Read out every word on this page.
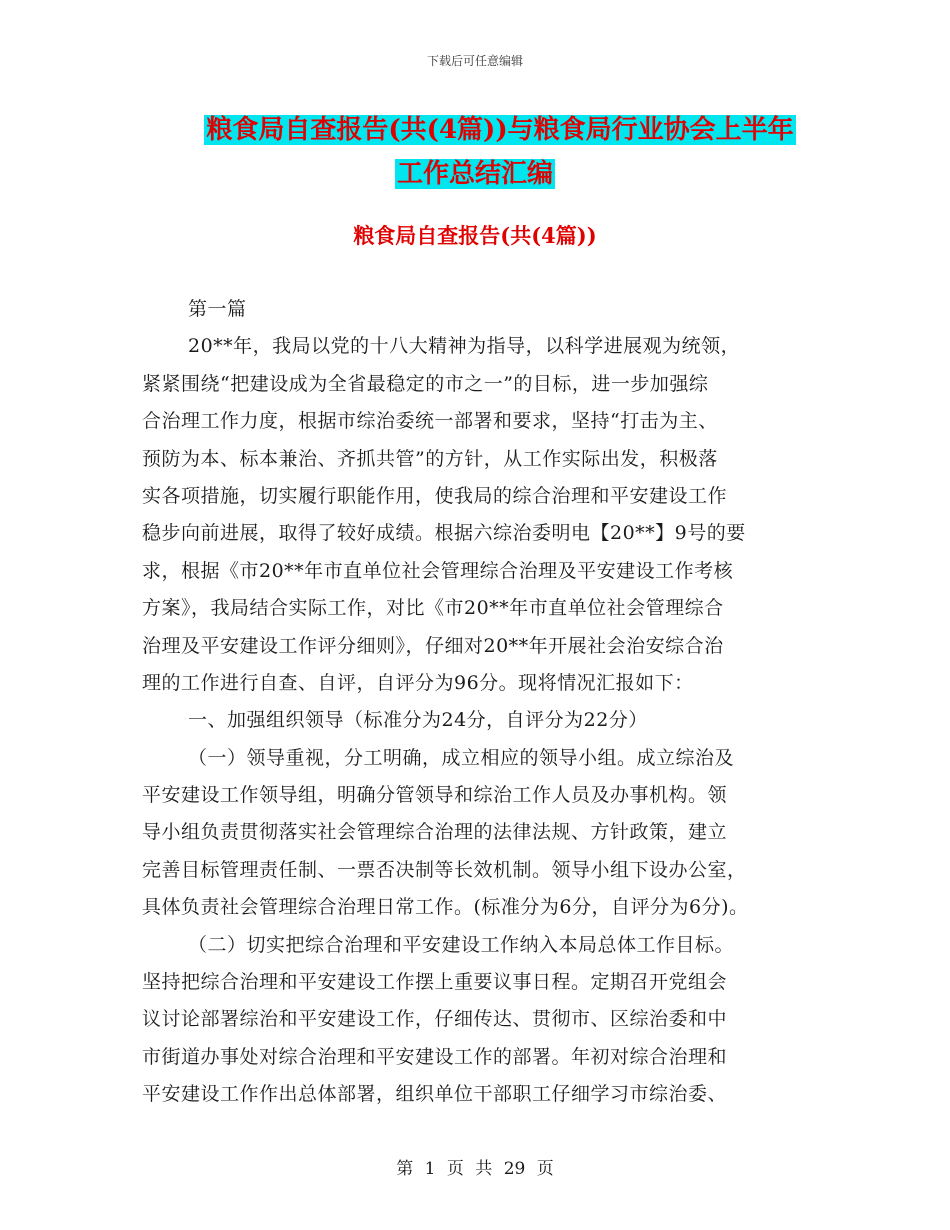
下载后可任意编辑
粮食局自查报告(共(4篇))与粮食局行业协会上半年
工作总结汇编
粮食局自查报告(共(4篇))
第一篇
20**年，我局以党的十八大精神为指导，以科学进展观为统领，
紧紧围绕“把建设成为全省最稳定的市之一”的目标，进一步加强综
合治理工作力度，根据市综治委统一部署和要求，坚持“打击为主、
预防为本、标本兼治、齐抓共管”的方针，从工作实际出发，积极落
实各项措施，切实履行职能作用，使我局的综合治理和平安建设工作
稳步向前进展，取得了较好成绩。根据六综治委明电【20**】9号的要
求，根据《市20**年市直单位社会管理综合治理及平安建设工作考核
方案》，我局结合实际工作，对比《市20**年市直单位社会管理综合
治理及平安建设工作评分细则》，仔细对20**年开展社会治安综合治
理的工作进行自查、自评，自评分为96分。现将情况汇报如下：
一、加强组织领导（标准分为24分，自评分为22分）
（一）领导重视，分工明确，成立相应的领导小组。成立综治及
平安建设工作领导组，明确分管领导和综治工作人员及办事机构。领
导小组负责贯彻落实社会管理综合治理的法律法规、方针政策，建立
完善目标管理责任制、一票否决制等长效机制。领导小组下设办公室，
具体负责社会管理综合治理日常工作。(标准分为6分，自评分为6分)。
（二）切实把综合治理和平安建设工作纳入本局总体工作目标。
坚持把综合治理和平安建设工作摆上重要议事日程。定期召开党组会
议讨论部署综治和平安建设工作，仔细传达、贯彻市、区综治委和中
市街道办事处对综合治理和平安建设工作的部署。年初对综合治理和
平安建设工作作出总体部署，组织单位干部职工仔细学习市综治委、
第 1 页 共 29 页
